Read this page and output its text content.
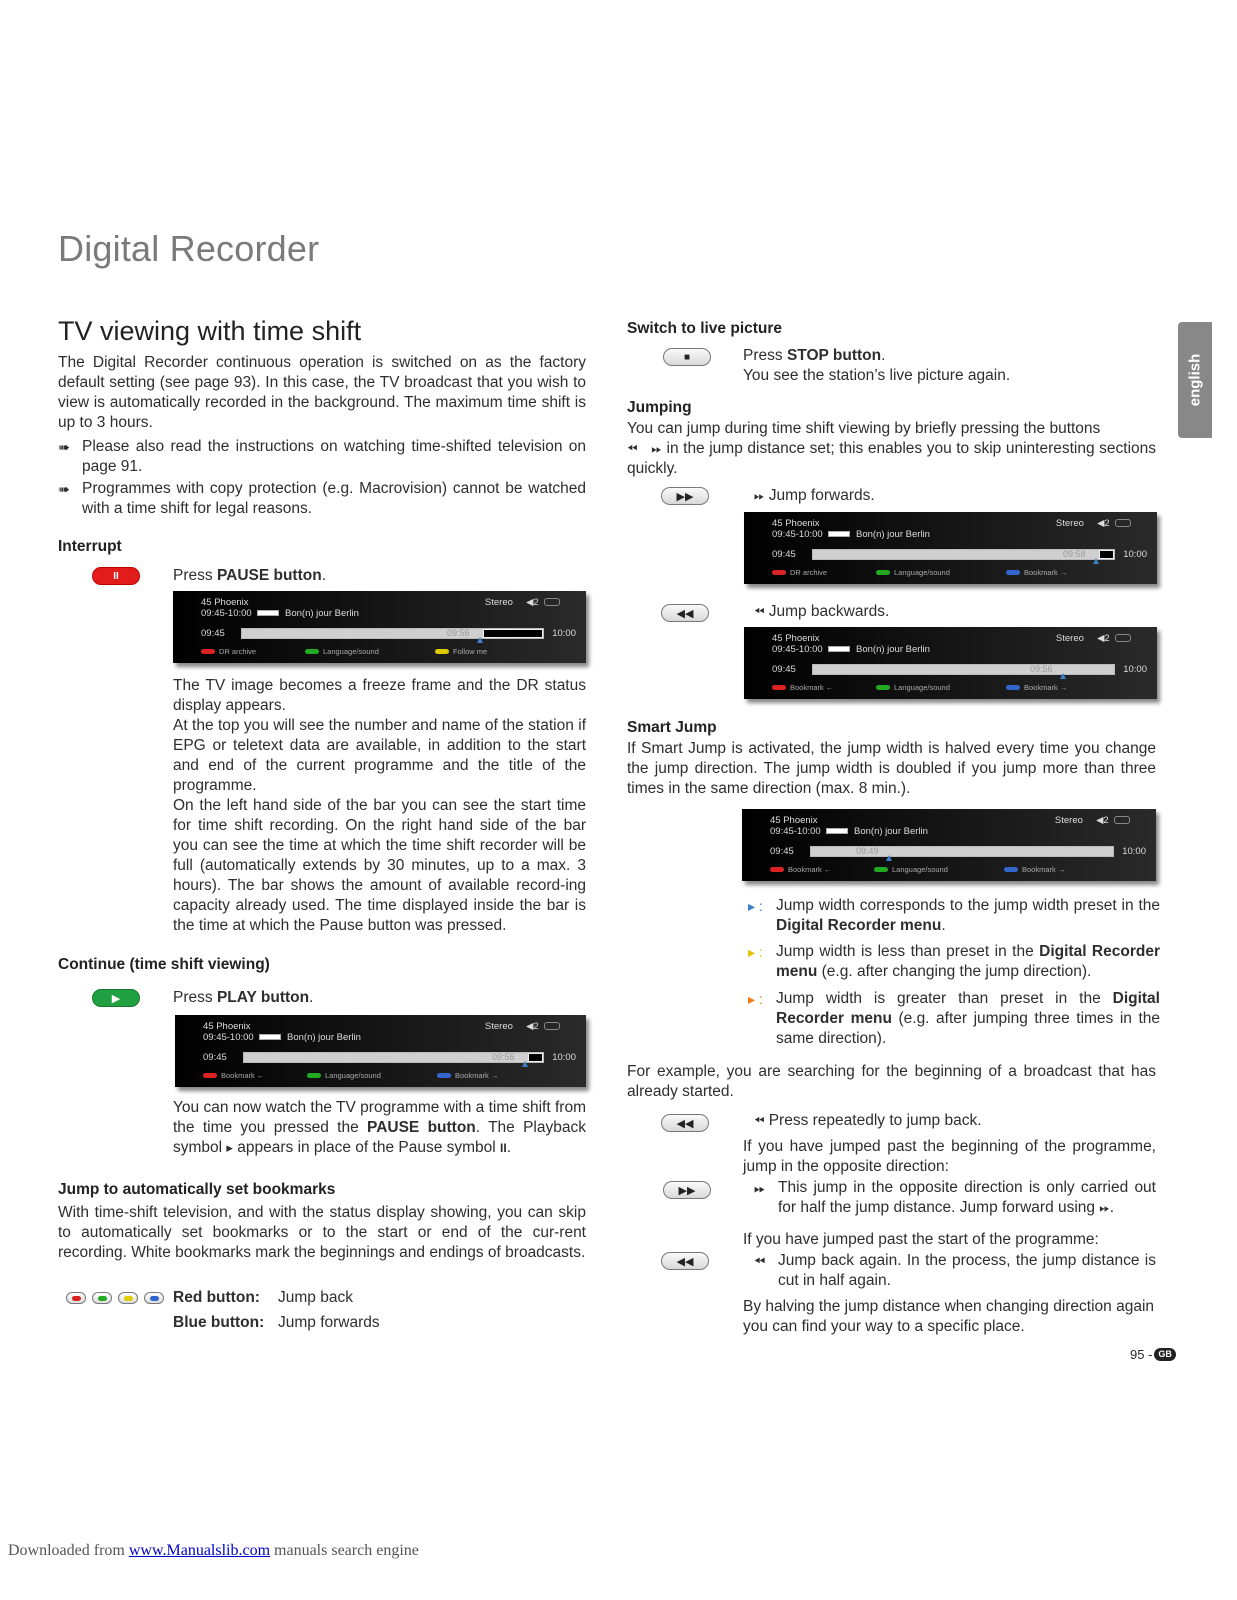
Digital Recorder
english
TV viewing with time shift
The Digital Recorder continuous operation is switched on as the factory default setting (see page 93). In this case, the TV broadcast that you wish to view is automatically recorded in the background. The maximum time shift is up to 3 hours.
➠ Please also read the instructions on watching time-shifted television on page 91.
➠ Programmes with copy protection (e.g. Macrovision) cannot be watched with a time shift for legal reasons.
Interrupt
II	Press PAUSE button.
45 Phoenix
09:45-10:00	Bon(n) jour Berlin
Stereo ◀2
09:45	10:00
09:56
DR archive	Language/sound	Follow me
The TV image becomes a freeze frame and the DR status display appears.
At the top you will see the number and name of the station if EPG or teletext data are available, in addition to the start and end of the current programme and the title of the programme.
On the left hand side of the bar you can see the start time for time shift recording. On the right hand side of the bar you can see the time at which the time shift recorder will be full (automatically extends by 30 minutes, up to a max. 3 hours). The bar shows the amount of available record-ing capacity already used. The time displayed inside the bar is the time at which the Pause button was pressed.
Continue (time shift viewing)
▶	Press PLAY button.
45 Phoenix
09:45-10:00	Bon(n) jour Berlin
Stereo ◀2
09:45	10:00
09:56
Bookmark ←	Language/sound	Bookmark →
You can now watch the TV programme with a time shift from the time you pressed the PAUSE button. The Playback symbol ▸ appears in place of the Pause symbol II.
Jump to automatically set bookmarks
With time-shift television, and with the status display showing, you can skip to automatically set bookmarks or to the start or end of the cur-rent recording. White bookmarks mark the beginnings and endings of broadcasts.
Red button: Jump back
Blue button: Jump forwards
Switch to live picture
■	Press STOP button.
You see the station’s live picture again.
Jumping
You can jump during time shift viewing by briefly pressing the buttons
⏪︎ ⏩︎ in the jump distance set; this enables you to skip uninteresting sections quickly.
▶▶	⏩︎ Jump forwards.
45 Phoenix
09:45-10:00	Bon(n) jour Berlin
Stereo ◀2
09:45	10:00
09:58
DR archive	Language/sound	Bookmark →
◀◀	⏪︎ Jump backwards.
45 Phoenix
09:45-10:00	Bon(n) jour Berlin
Stereo ◀2
09:45	10:00
09:56
Bookmark ←	Language/sound	Bookmark →
Smart Jump
If Smart Jump is activated, the jump width is halved every time you change the jump direction. The jump width is doubled if you jump more than three times in the same direction (max. 8 min.).
45 Phoenix
09:45-10:00	Bon(n) jour Berlin
Stereo ◀2
09:45	10:00
09:49
Bookmark ←	Language/sound	Bookmark →
▸ : Jump width corresponds to the jump width preset in the Digital Recorder menu.
▸ : Jump width is less than preset in the Digital Recorder menu (e.g. after changing the jump direction).
▸ : Jump width is greater than preset in the Digital Recorder menu (e.g. after jumping three times in the same direction).
For example, you are searching for the beginning of a broadcast that has already started.
◀◀	⏪︎ Press repeatedly to jump back.
If you have jumped past the beginning of the programme, jump in the opposite direction:
▶▶	⏩︎ This jump in the opposite direction is only carried out for half the jump distance. Jump forward using ⏩︎.
If you have jumped past the start of the programme:
◀◀	⏪︎ Jump back again. In the process, the jump distance is cut in half again.
By halving the jump distance when changing direction again you can find your way to a specific place.
95 - GB
Downloaded from www.Manualslib.com manuals search engine
